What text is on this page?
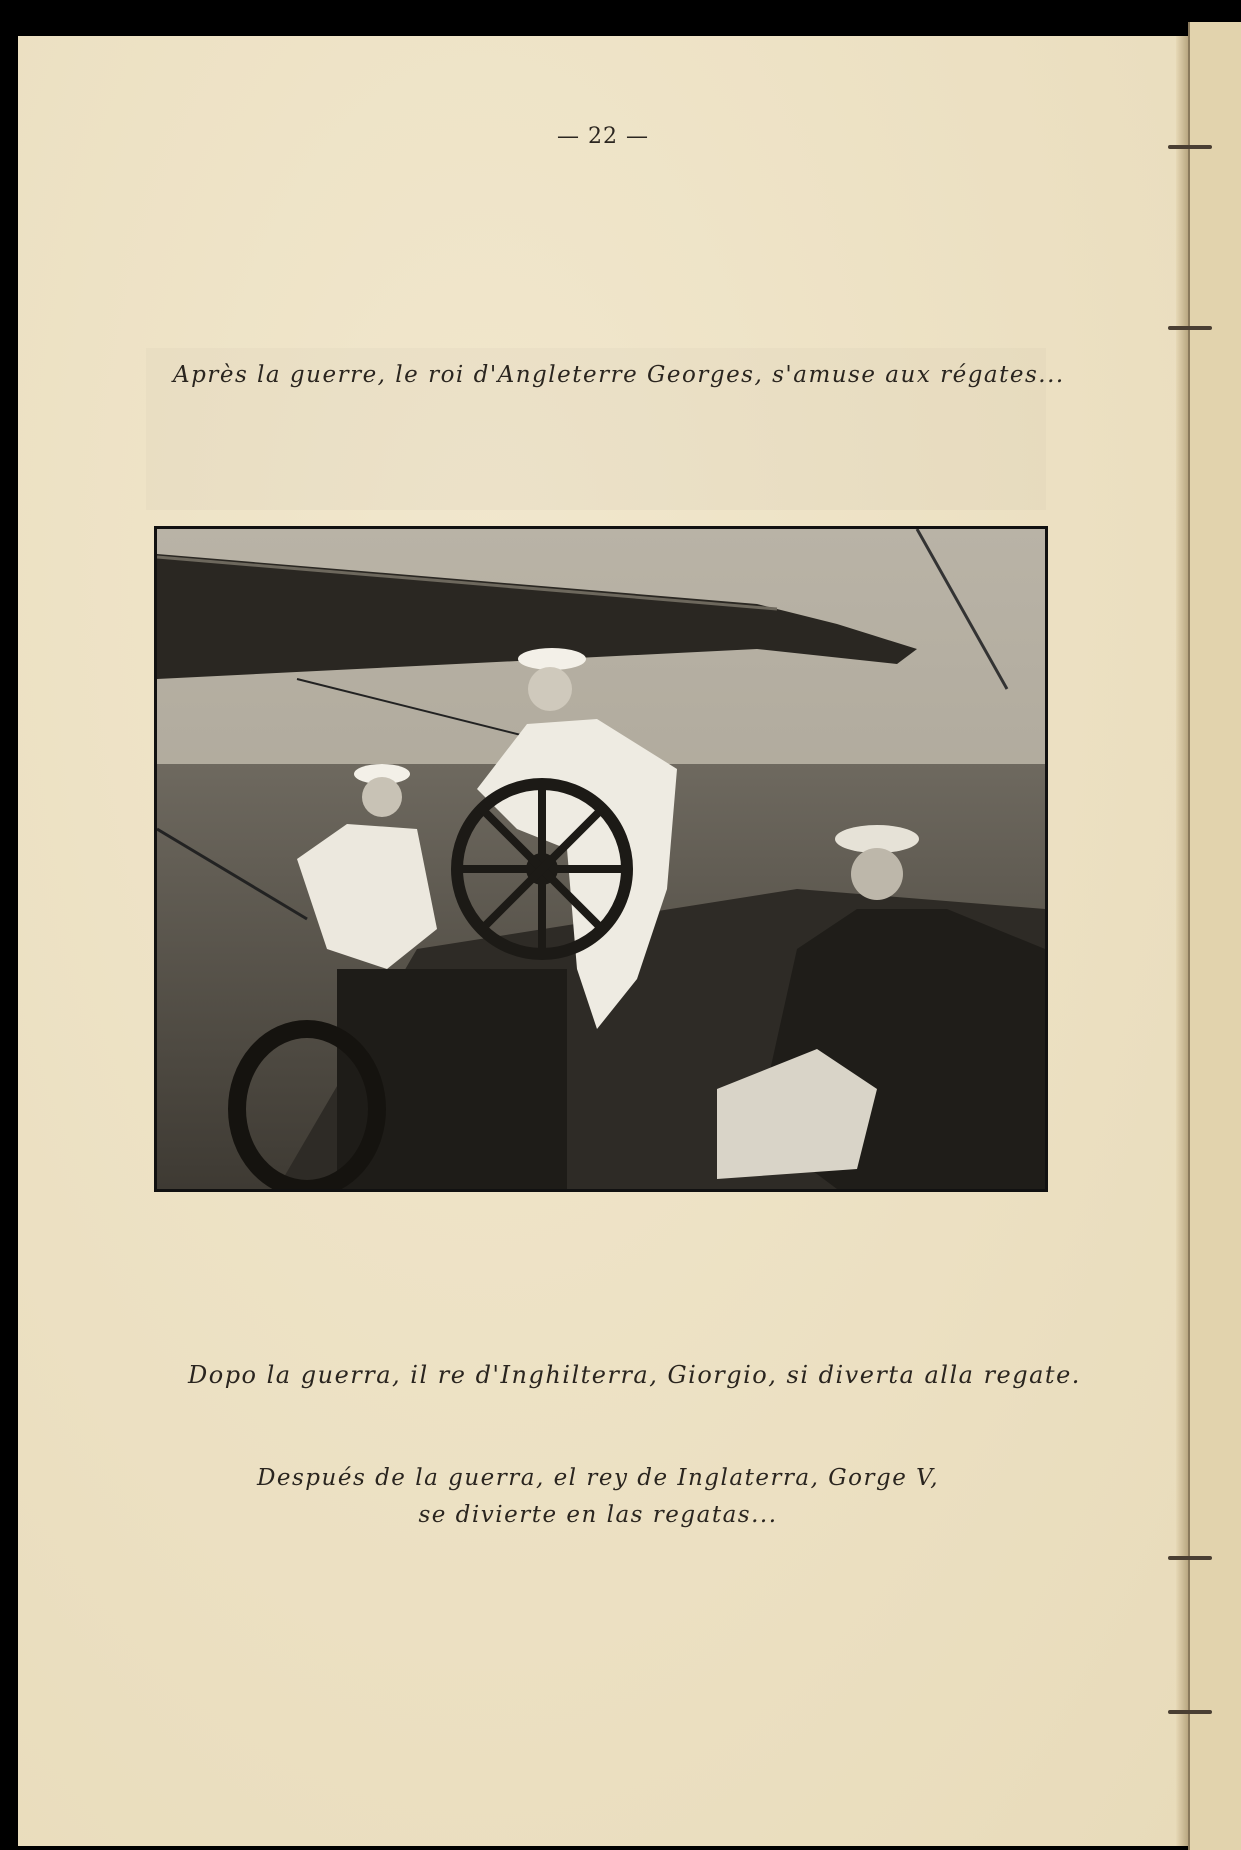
— 22 —
Après la guerre, le roi d'Angleterre Georges, s'amuse aux régates...
Dopo la guerra, il re d'Inghilterra, Giorgio, si diverta alla regate.
Después de la guerra, el rey de Inglaterra, Gorge V,
se divierte en las regatas...
